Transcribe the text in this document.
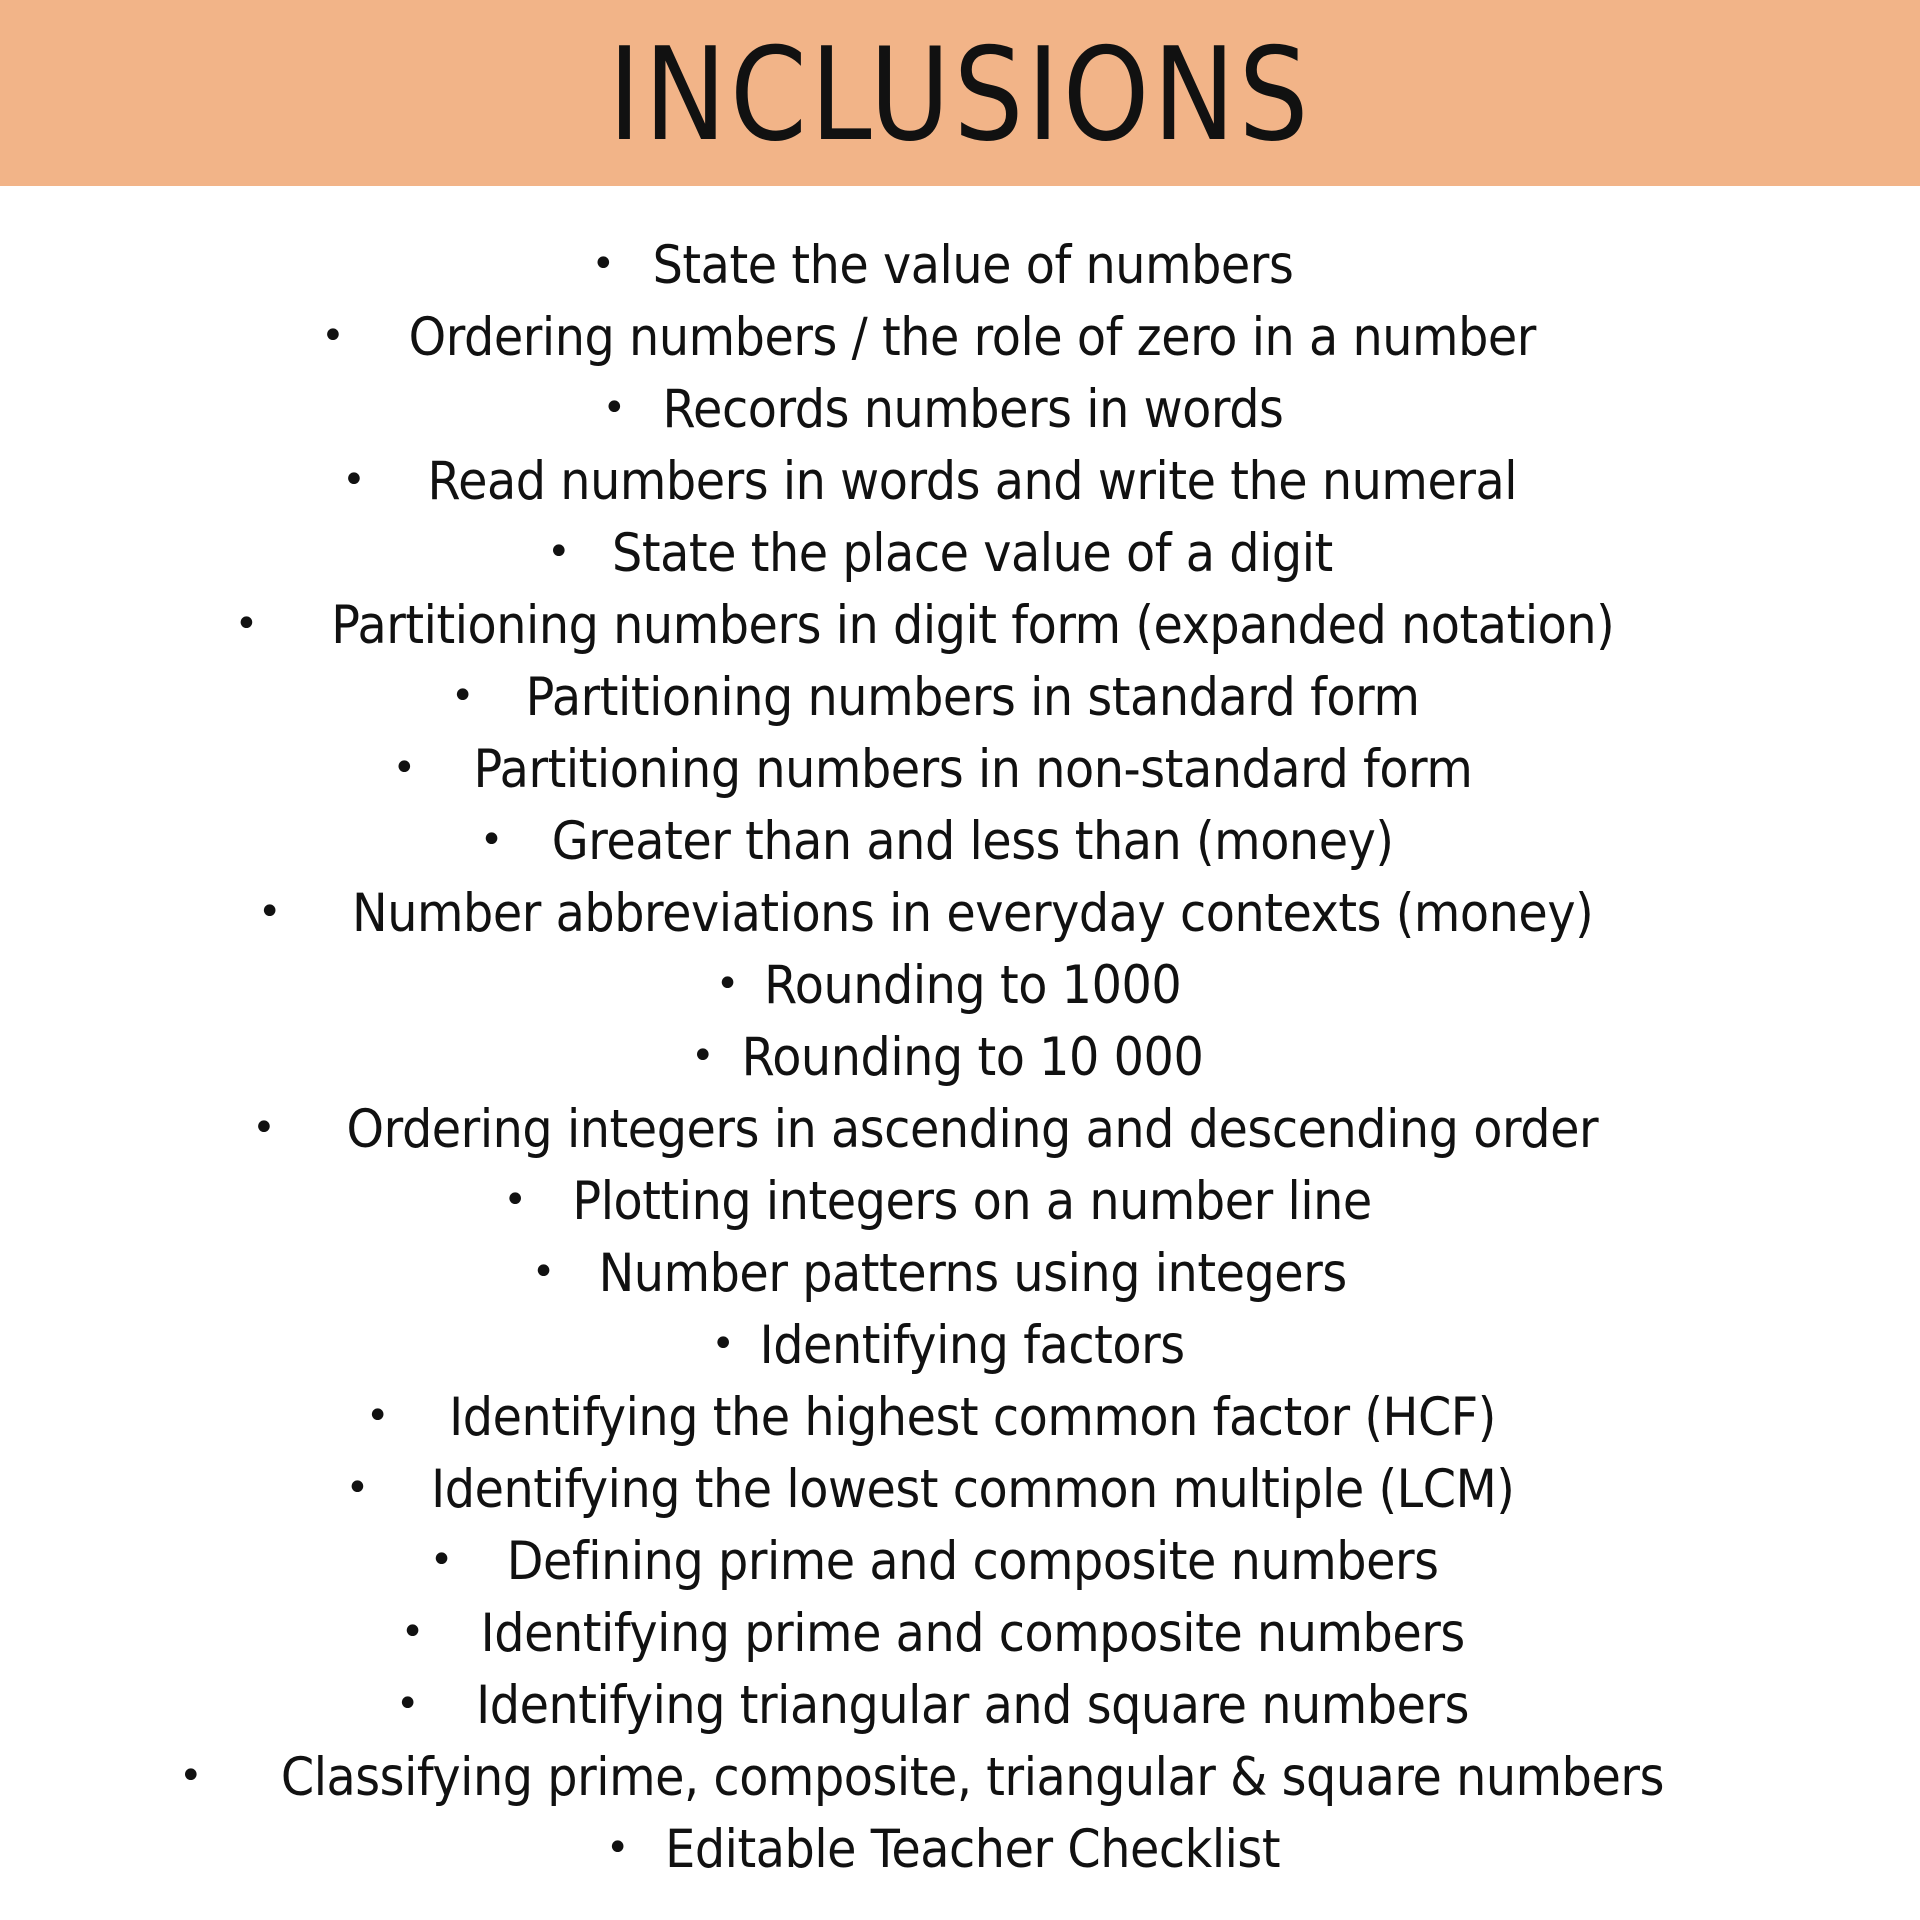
INCLUSIONS
• State the value of numbers
• Ordering numbers / the role of zero in a number
• Records numbers in words
• Read numbers in words and write the numeral
• State the place value of a digit
• Partitioning numbers in digit form (expanded notation)
• Partitioning numbers in standard form
• Partitioning numbers in non-standard form
• Greater than and less than (money)
• Number abbreviations in everyday contexts (money)
• Rounding to 1000
• Rounding to 10 000
• Ordering integers in ascending and descending order
• Plotting integers on a number line
• Number patterns using integers
• Identifying factors
• Identifying the highest common factor (HCF)
• Identifying the lowest common multiple (LCM)
• Defining prime and composite numbers
• Identifying prime and composite numbers
• Identifying triangular and square numbers
• Classifying prime, composite, triangular & square numbers
•Editable Teacher Checklist
